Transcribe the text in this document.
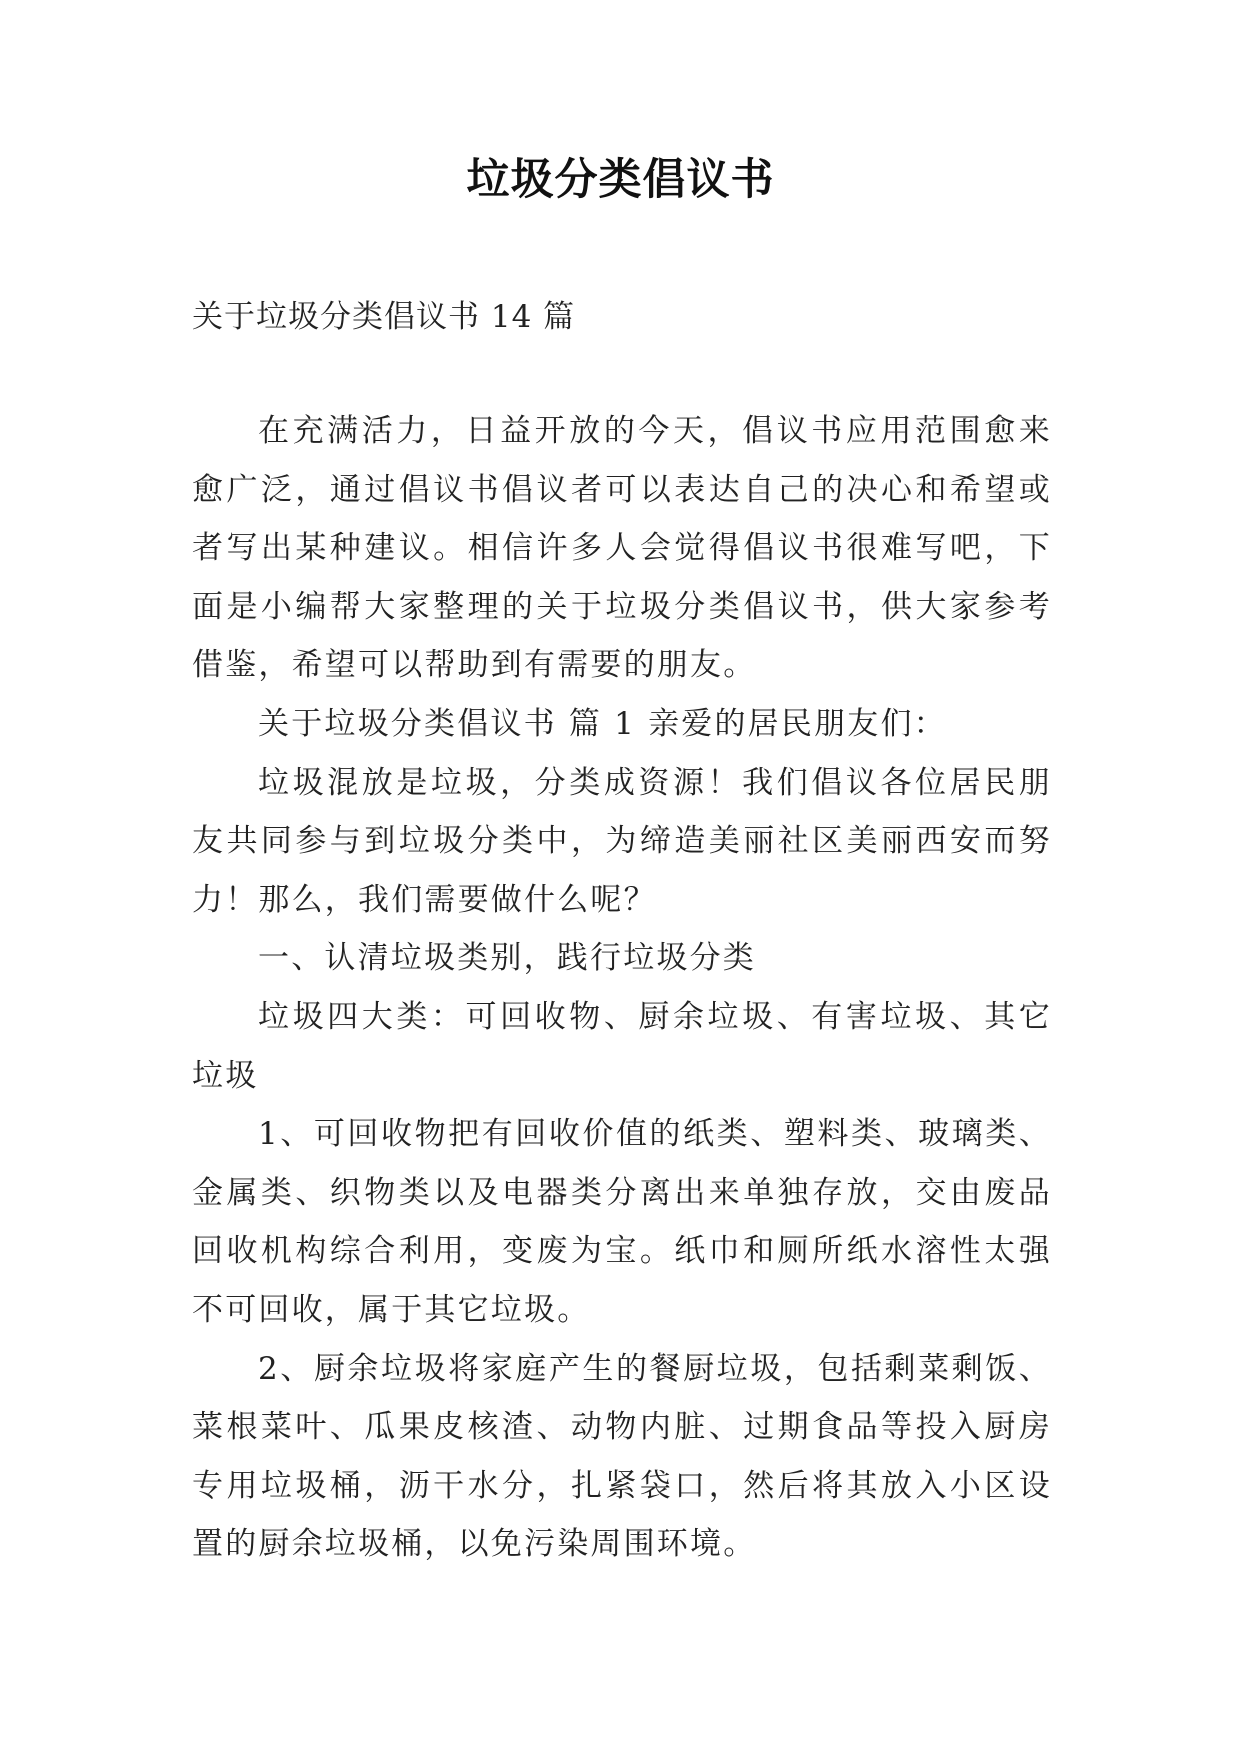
垃圾分类倡议书
关于垃圾分类倡议书 14 篇

在充满活力，日益开放的今天，倡议书应用范围愈来愈广泛，通过倡议书倡议者可以表达自己的决心和希望或者写出某种建议。相信许多人会觉得倡议书很难写吧，下面是小编帮大家整理的关于垃圾分类倡议书，供大家参考借鉴，希望可以帮助到有需要的朋友。

关于垃圾分类倡议书 篇 1 亲爱的居民朋友们：

垃圾混放是垃圾，分类成资源！我们倡议各位居民朋友共同参与到垃圾分类中，为缔造美丽社区美丽西安而努力！那么，我们需要做什么呢？

一、认清垃圾类别，践行垃圾分类

垃圾四大类：可回收物、厨余垃圾、有害垃圾、其它垃圾

1、可回收物把有回收价值的纸类、塑料类、玻璃类、金属类、织物类以及电器类分离出来单独存放，交由废品回收机构综合利用，变废为宝。纸巾和厕所纸水溶性太强不可回收，属于其它垃圾。

2、厨余垃圾将家庭产生的餐厨垃圾，包括剩菜剩饭、菜根菜叶、瓜果皮核渣、动物内脏、过期食品等投入厨房专用垃圾桶，沥干水分，扎紧袋口，然后将其放入小区设置的厨余垃圾桶，以免污染周围环境。
